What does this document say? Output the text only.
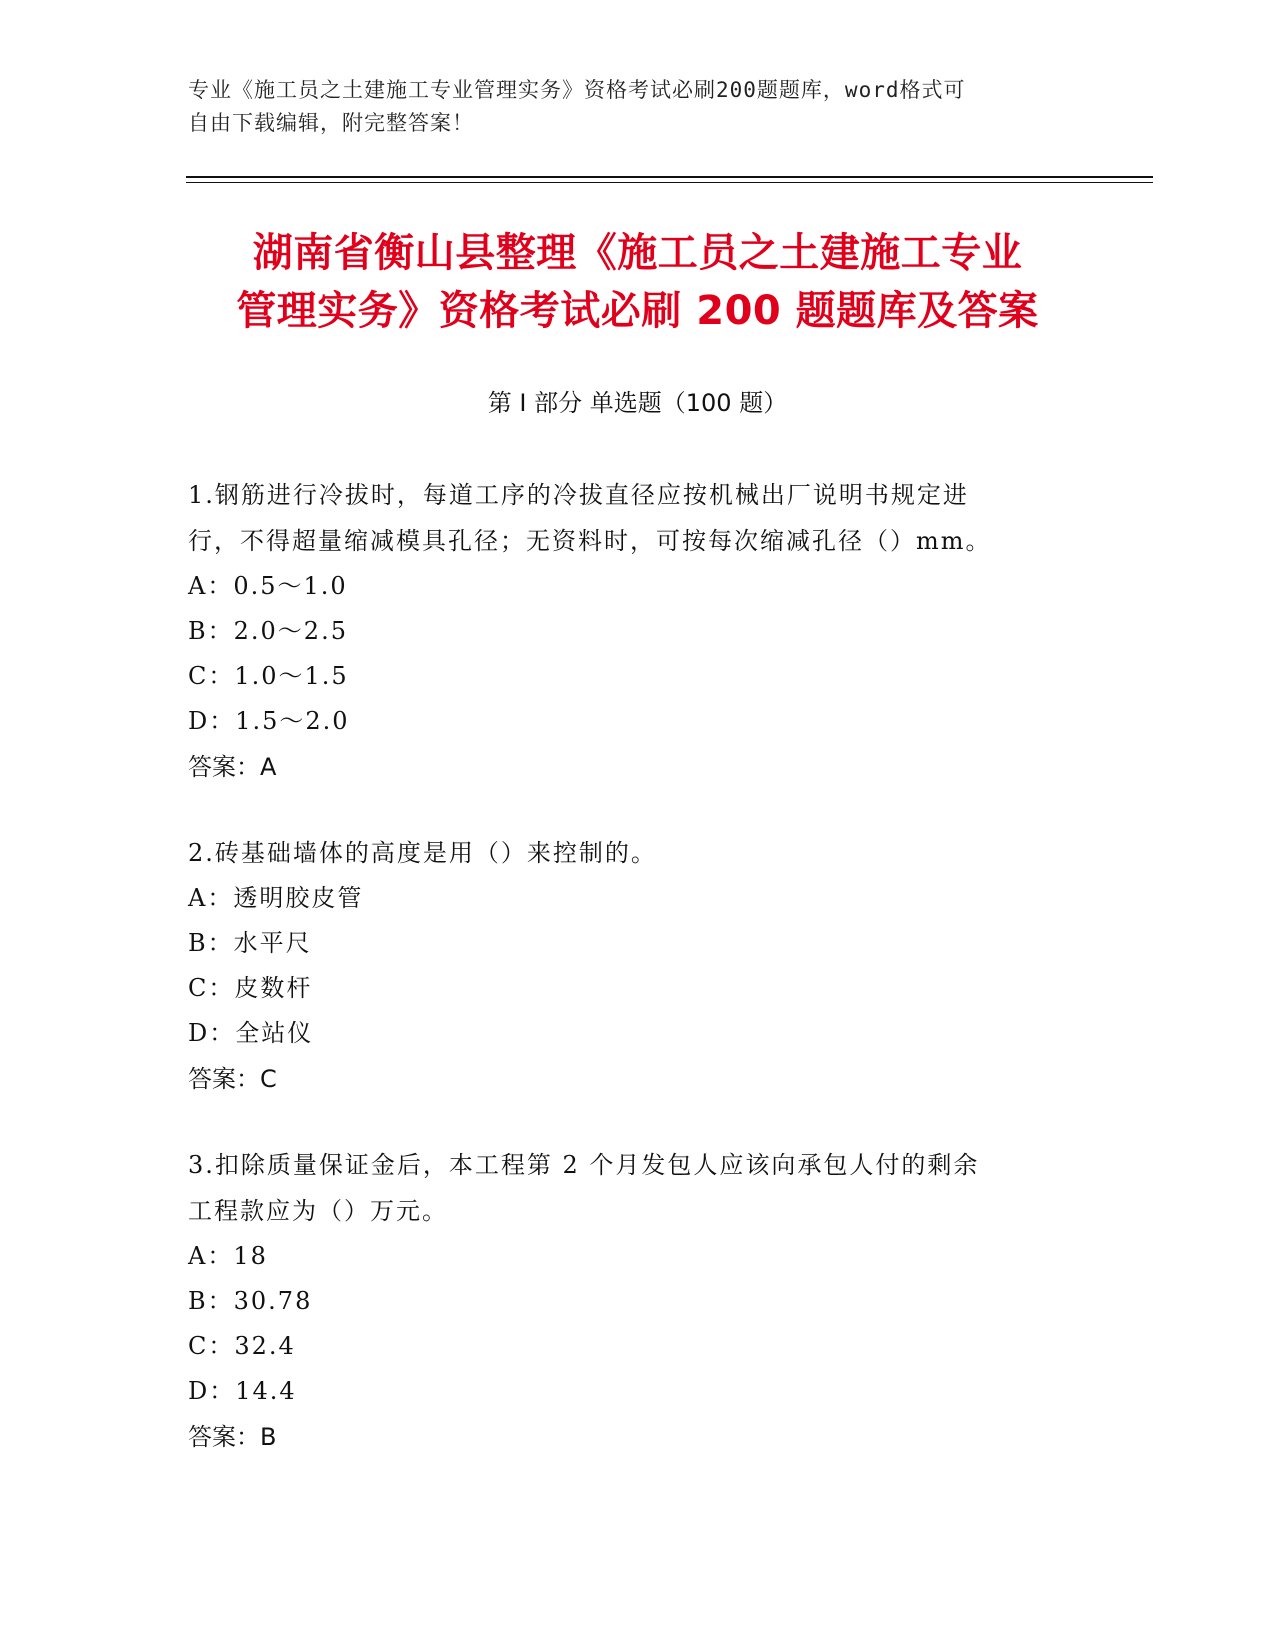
专业《施工员之土建施工专业管理实务》资格考试必刷200题题库，word格式可
自由下载编辑，附完整答案！
湖南省衡山县整理《施工员之土建施工专业
管理实务》资格考试必刷 200 题题库及答案
第 I 部分 单选题（100 题）
1.钢筋进行冷拔时，每道工序的冷拔直径应按机械出厂说明书规定进
行，不得超量缩减模具孔径；无资料时，可按每次缩减孔径（）mm。
A：0.5～1.0
B：2.0～2.5
C：1.0～1.5
D：1.5～2.0
答案：A
2.砖基础墙体的高度是用（）来控制的。
A：透明胶皮管
B：水平尺
C：皮数杆
D：全站仪
答案：C
3.扣除质量保证金后，本工程第 2 个月发包人应该向承包人付的剩余
工程款应为（）万元。
A：18
B：30.78
C：32.4
D：14.4
答案：B
